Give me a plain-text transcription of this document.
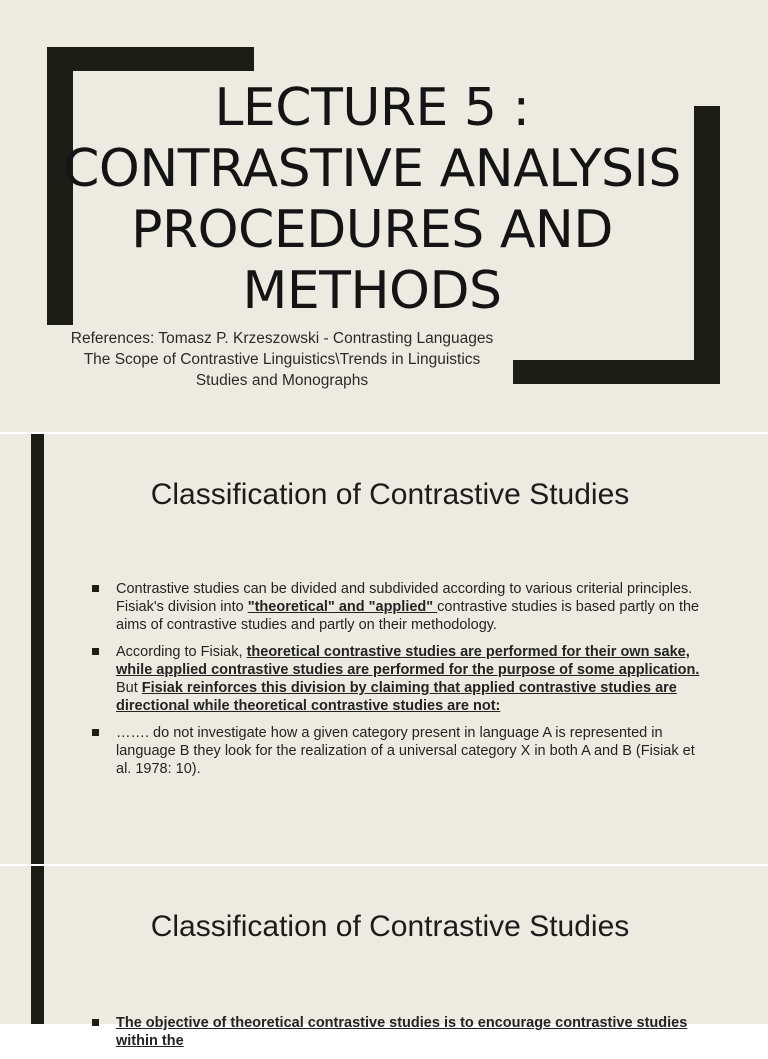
LECTURE 5 :
CONTRASTIVE ANALYSIS
PROCEDURES AND
METHODS
References: Tomasz P. Krzeszowski - Contrasting Languages
The Scope of Contrastive Linguistics\Trends in Linguistics
Studies and Monographs
Classification of Contrastive Studies
Contrastive studies can be divided and subdivided according to various criterial principles. Fisiak's division into "theoretical" and "applied" contrastive studies is based partly on the aims of contrastive studies and partly on their methodology.
According to Fisiak, theoretical contrastive studies are performed for their own sake, while applied contrastive studies are performed for the purpose of some application. But Fisiak reinforces this division by claiming that applied contrastive studies are directional while theoretical contrastive studies are not:
……. do not investigate how a given category present in language A is represented in language B they look for the realization of a universal category X in both A and B (Fisiak et al. 1978: 10).
Classification of Contrastive Studies
The objective of theoretical contrastive studies is to encourage contrastive studies within the
